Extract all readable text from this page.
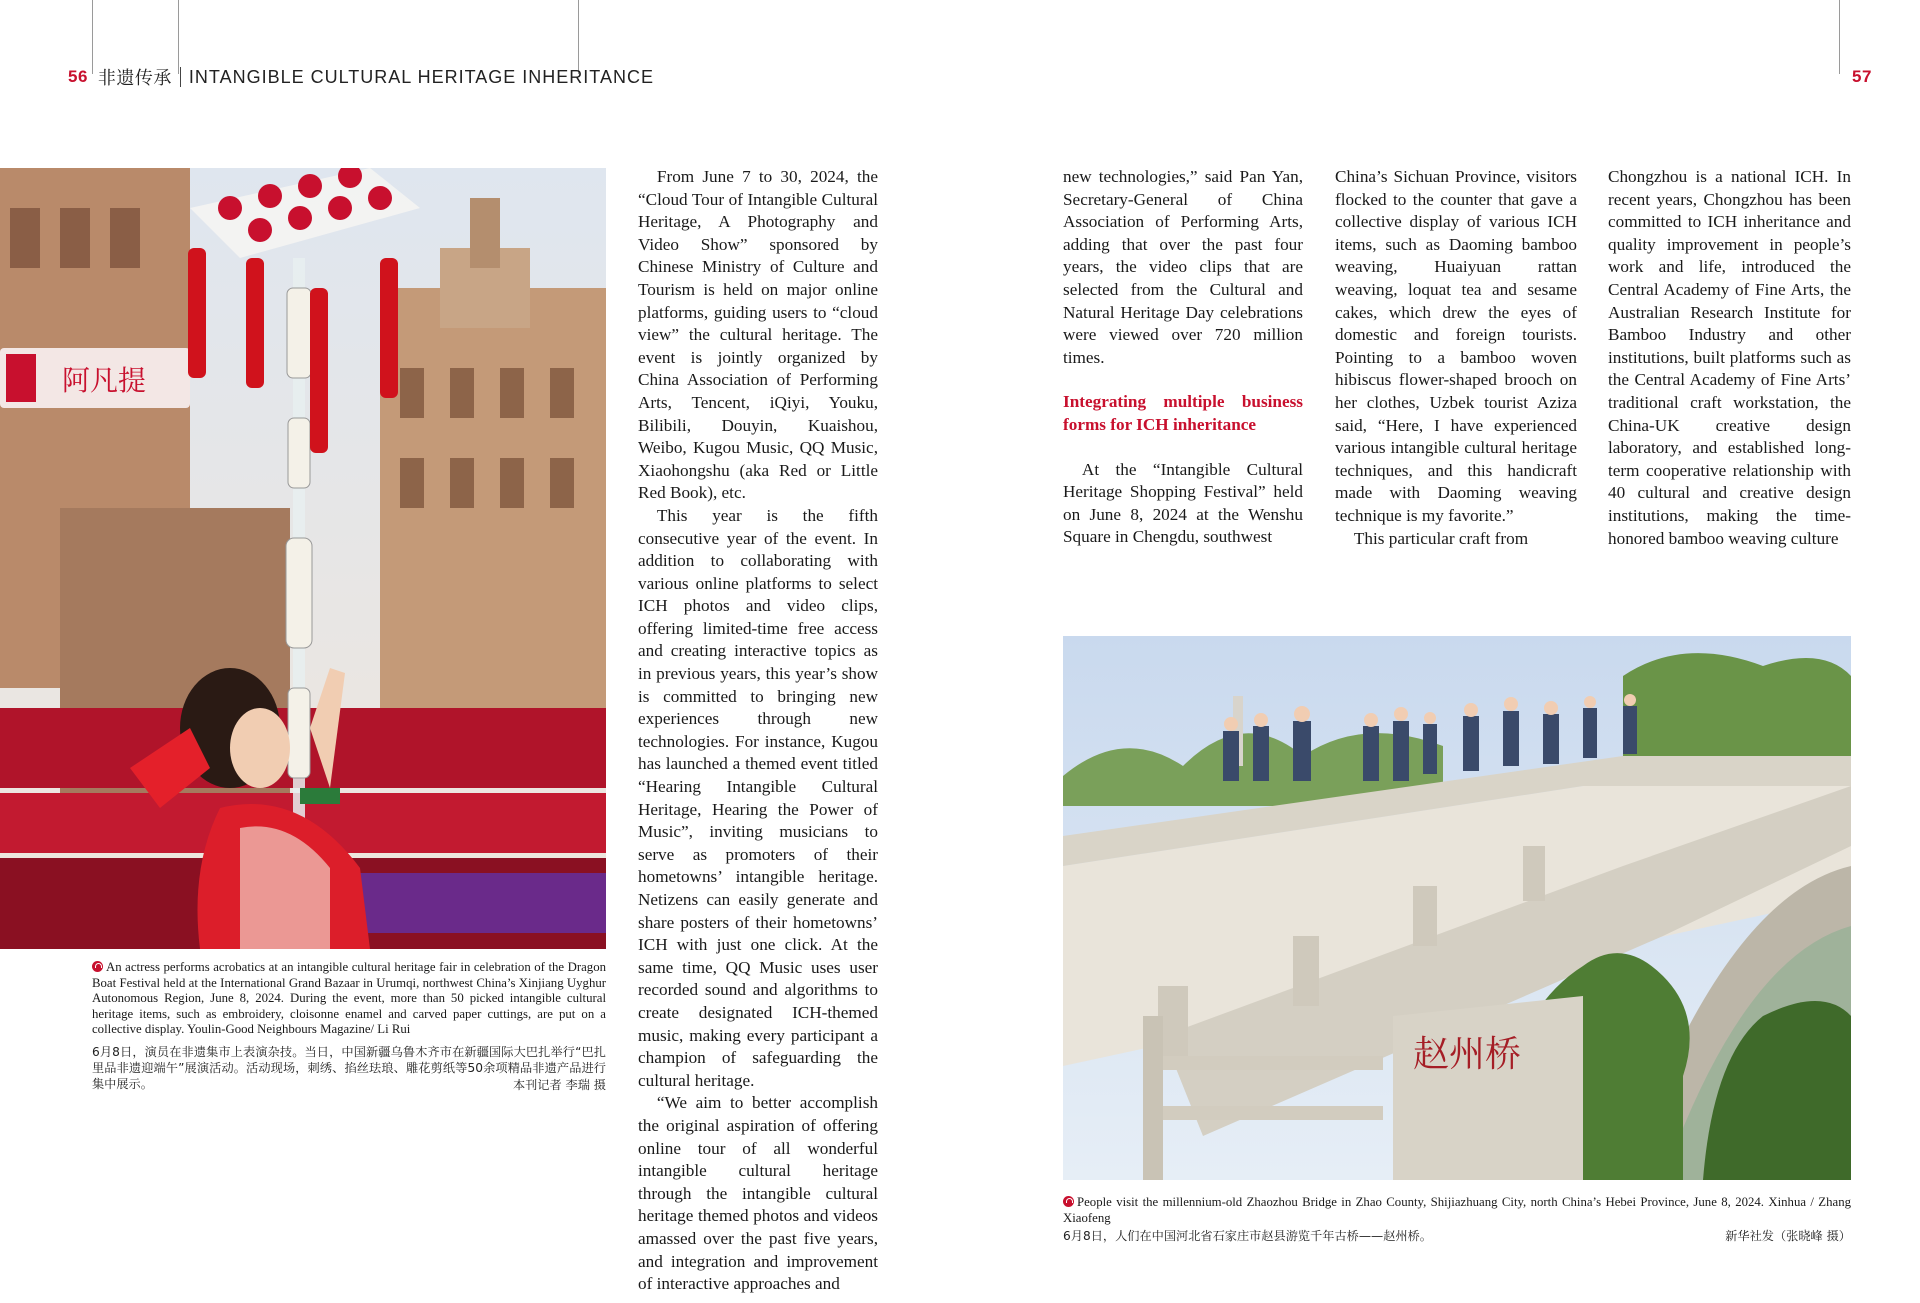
56 非遗传承 INTANGIBLE CULTURAL HERITAGE INHERITANCE	57
阿凡提
An actress performs acrobatics at an intangible cultural heritage fair in celebration of the Dragon Boat Festival held at the International Grand Bazaar in Urumqi, northwest China’s Xinjiang Uyghur Autonomous Region, June 8, 2024. During the event, more than 50 picked intangible cultural heritage items, such as embroidery, cloisonne enamel and carved paper cuttings, are put on a collective display. Youlin-Good Neighbours Magazine/ Li Rui
6月8日，演员在非遗集市上表演杂技。当日，中国新疆乌鲁木齐市在新疆国际大巴扎举行“巴扎里品非遗迎端午”展演活动。活动现场，刺绣、掐丝珐琅、雕花剪纸等50余项精品非遗产品进行集中展示。	本刊记者 李瑞 摄

From June 7 to 30, 2024, the “Cloud Tour of Intangible Cultural Heritage, A Photography and Video Show” sponsored by Chinese Ministry of Culture and Tourism is held on major online platforms, guiding users to “cloud view” the cultural heritage. The event is jointly organized by China Association of Performing Arts, Tencent, iQiyi, Youku, Bilibili, Douyin, Kuaishou, Weibo, Kugou Music, QQ Music, Xiaohongshu (aka Red or Little Red Book), etc.

This year is the fifth consecutive year of the event. In addition to collaborating with various online platforms to select ICH photos and video clips, offering limited-time free access and creating interactive topics as in previous years, this year’s show is committed to bringing new experiences through new technologies. For instance, Kugou has launched a themed event titled “Hearing Intangible Cultural Heritage, Hearing the Power of Music”, inviting musicians to serve as promoters of their hometowns’ intangible heritage. Netizens can easily generate and share posters of their hometowns’ ICH with just one click. At the same time, QQ Music uses user recorded sound and algorithms to create designated ICH-themed music, making every participant a champion of safeguarding the cultural heritage.

“We aim to better accomplish the original aspiration of offering online tour of all wonderful intangible cultural heritage through the intangible cultural heritage themed photos and videos amassed over the past five years, and integration and improvement of interactive approaches and

new technologies,” said Pan Yan, Secretary-General of China Association of Performing Arts, adding that over the past four years, the video clips that are selected from the Cultural and Natural Heritage Day celebrations were viewed over 720 million times.

Integrating multiple business forms for ICH inheritance

At the “Intangible Cultural Heritage Shopping Festival” held on June 8, 2024 at the Wenshu Square in Chengdu, southwest

China’s Sichuan Province, visitors flocked to the counter that gave a collective display of various ICH items, such as Daoming bamboo weaving, Huaiyuan rattan weaving, loquat tea and sesame cakes, which drew the eyes of domestic and foreign tourists. Pointing to a bamboo woven hibiscus flower-shaped brooch on her clothes, Uzbek tourist Aziza said, “Here, I have experienced various intangible cultural heritage techniques, and this handicraft made with Daoming weaving technique is my favorite.”

This particular craft from

Chongzhou is a national ICH. In recent years, Chongzhou has been committed to ICH inheritance and quality improvement in people’s work and life, introduced the Central Academy of Fine Arts, the Australian Research Institute for Bamboo Industry and other institutions, built platforms such as the Central Academy of Fine Arts’ traditional craft workstation, the China-UK creative design laboratory, and established long-term cooperative relationship with 40 cultural and creative design institutions, making the time-honored bamboo weaving culture

赵州桥
People visit the millennium-old Zhaozhou Bridge in Zhao County, Shijiazhuang City, north China’s Hebei Province, June 8, 2024. Xinhua / Zhang Xiaofeng
6月8日，人们在中国河北省石家庄市赵县游览千年古桥——赵州桥。	新华社发（张晓峰 摄）
